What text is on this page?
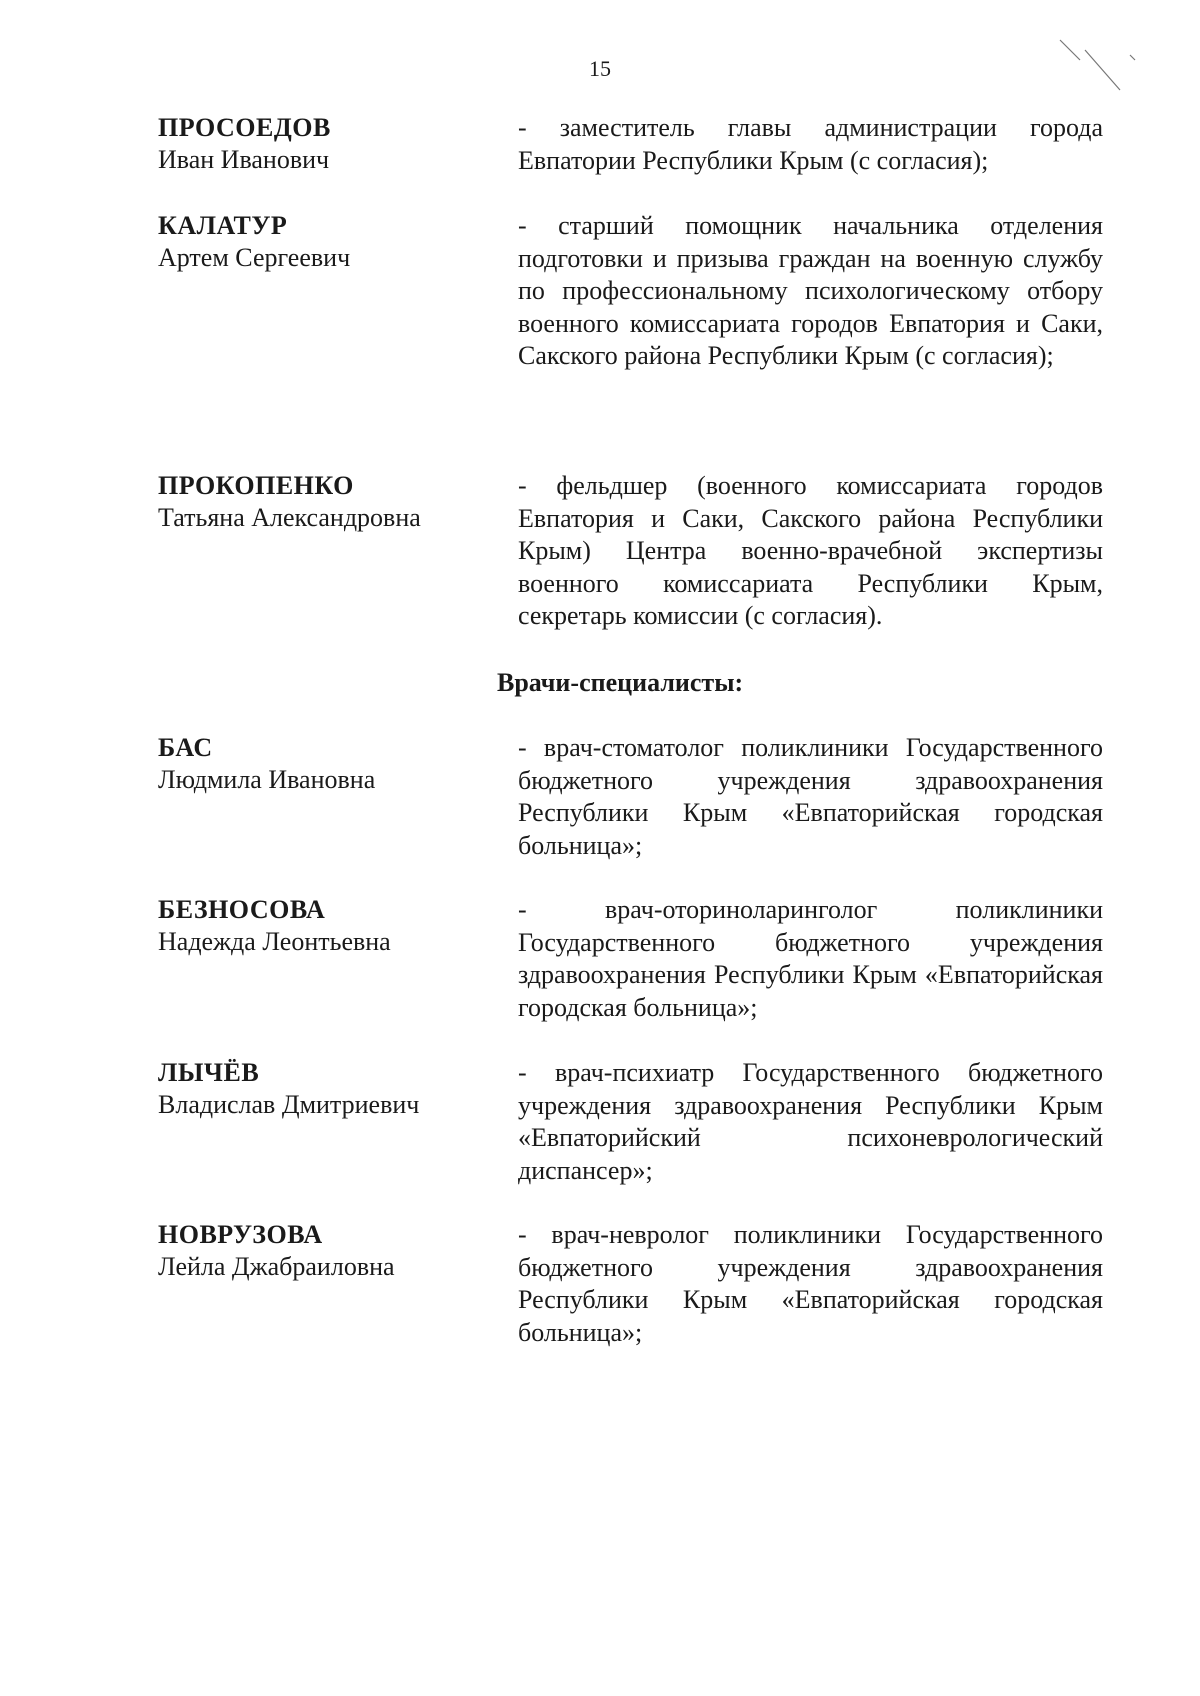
15
ПРОСОЕДОВ
Иван Иванович
- заместитель главы администрации города Евпатории Республики Крым (с согласия);
КАЛАТУР
Артем Сергеевич
- старший помощник начальника отделения подготовки и призыва граждан на военную службу по профессиональному психологическому отбору военного комиссариата городов Евпатория и Саки, Сакского района Республики Крым (с согласия);
ПРОКОПЕНКО
Татьяна Александровна
- фельдшер (военного комиссариата городов Евпатория и Саки, Сакского района Республики Крым) Центра военно-врачебной экспертизы военного комиссариата Республики Крым, секретарь комиссии (с согласия).
Врачи-специалисты:
БАС
Людмила Ивановна
- врач-стоматолог поликлиники Государственного бюджетного учреждения здравоохранения Республики Крым «Евпаторийская городская больница»;
БЕЗНОСОВА
Надежда Леонтьевна
- врач-оториноларинголог поликлиники Государственного бюджетного учреждения здравоохранения Республики Крым «Евпаторийская городская больница»;
ЛЫЧЁВ
Владислав Дмитриевич
- врач-психиатр Государственного бюджетного учреждения здравоохранения Республики Крым «Евпаторийский психоневрологический диспансер»;
НОВРУЗОВА
Лейла Джабраиловна
- врач-невролог поликлиники Государственного бюджетного учреждения здравоохранения Республики Крым «Евпаторийская городская больница»;
